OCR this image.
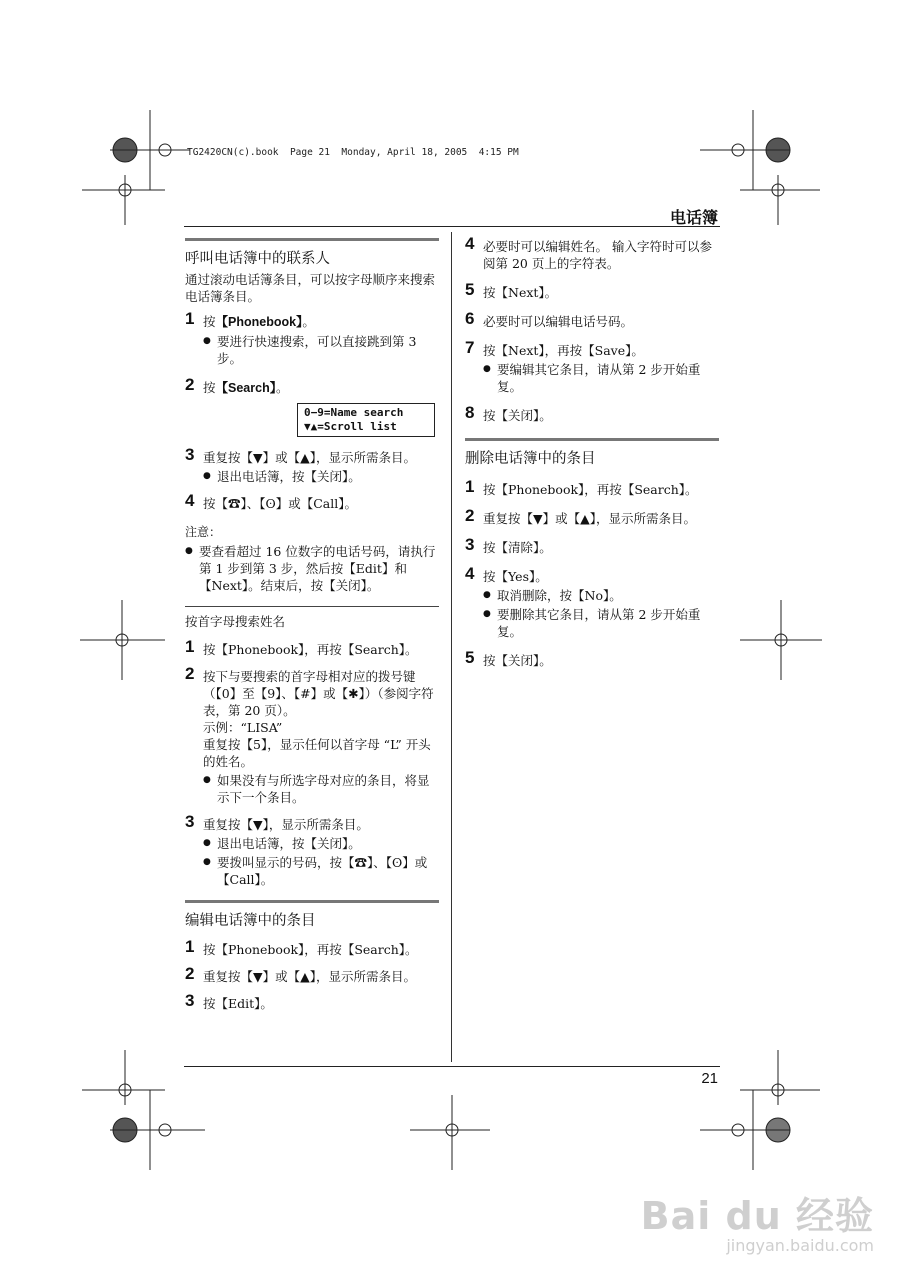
TG2420CN(c).book  Page 21  Monday, April 18, 2005  4:15 PM
电话簿
21
呼叫电话簿中的联系人
通过滚动电话簿条目，可以按字母顺序来搜索电话簿条目。
1 按【Phonebook】。
● 要进行快速搜索，可以直接跳到第 3 步。
2 按【Search】。
0−9=Name search
▼▲=Scroll list
3 重复按【▼】或【▲】，显示所需条目。
● 退出电话簿，按【关闭】。
4 按【☎】、【ʘ】或【Call】。
注意：
● 要查看超过 16 位数字的电话号码，请执行第 1 步到第 3 步，然后按【Edit】和【Next】。结束后，按【关闭】。
按首字母搜索姓名
1 按【Phonebook】，再按【Search】。
2 按下与要搜索的首字母相对应的拨号键（【0】至【9】、【#】或【✱】）（参阅字符表，第 20 页）。
示例：“LISA”
重复按【5】，显示任何以首字母 “L” 开头的姓名。
● 如果没有与所选字母对应的条目，将显示下一个条目。
3 重复按【▼】，显示所需条目。
● 退出电话簿，按【关闭】。
● 要拨叫显示的号码，按【☎】、【ʘ】或【Call】。
编辑电话簿中的条目
1 按【Phonebook】，再按【Search】。
2 重复按【▼】或【▲】，显示所需条目。
3 按【Edit】。
4 必要时可以编辑姓名。 输入字符时可以参阅第 20 页上的字符表。
5 按【Next】。
6 必要时可以编辑电话号码。
7 按【Next】，再按【Save】。
● 要编辑其它条目，请从第 2 步开始重复。
8 按【关闭】。
删除电话簿中的条目
1 按【Phonebook】，再按【Search】。
2 重复按【▼】或【▲】，显示所需条目。
3 按【清除】。
4 按【Yes】。
● 取消删除，按【No】。
● 要删除其它条目，请从第 2 步开始重复。
5 按【关闭】。
Bai du 经验
jingyan.baidu.com
